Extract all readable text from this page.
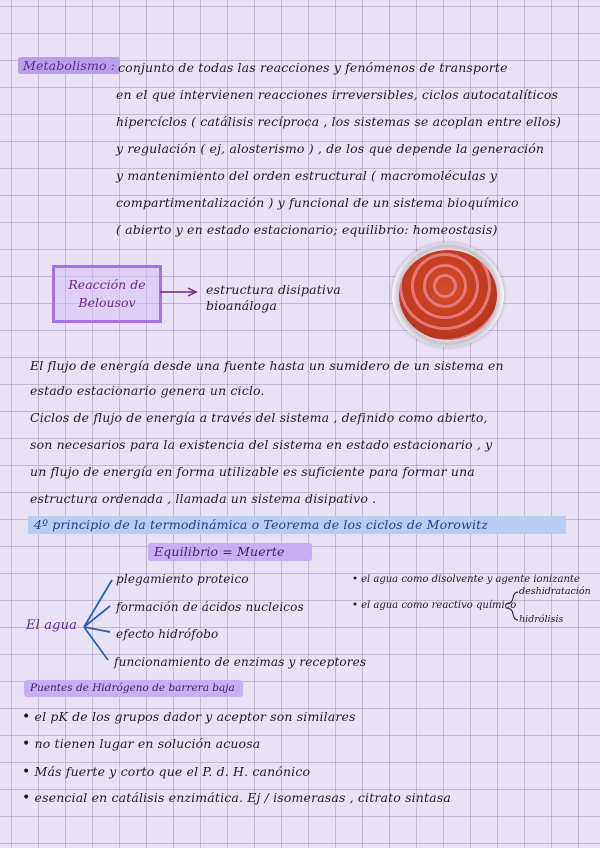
Metabolismo : conjunto de todas las reacciones y fenómenos de transporte
en el que intervienen reacciones irreversibles, ciclos autocatalíticos
hipercíclos ( catálisis recíproca , los sistemas se acoplan entre ellos)
y regulación ( ej, alosterismo ) , de los que depende la generación
y mantenimiento del orden estructural ( macromoléculas y
compartimentalización ) y funcional de un sistema bioquímico
( abierto y en estado estacionario; equilibrio: homeostasis)
Reacción de
Belousov
estructura disipativa
bioanáloga
El flujo de energía desde una fuente hasta un sumidero de un sistema en
estado estacionario genera un ciclo.
Ciclos de flujo de energía a través del sistema , definido como abierto,
son necesarios para la existencia del sistema en estado estacionario , y
un flujo de energía en forma utilizable es suficiente para formar una
estructura ordenada , llamada un sistema disipativo .
4º principio de la termodinámica o Teorema de los ciclos de Morowitz
Equilibrio = Muerte
El agua
plegamiento proteico
formación de ácidos nucleicos
efecto hidrófobo
funcionamiento de enzimas y receptores
• el agua como disolvente y agente ionizante
• el agua como reactivo químico
deshidratación
hidrólisis
Puentes de Hidrógeno de barrera baja
• el pK de los grupos dador y aceptor son similares
• no tienen lugar en solución acuosa
• Más fuerte y corto que el P. d. H. canónico
• esencial en catálisis enzimática. Ej / isomerasas , citrato sintasa
